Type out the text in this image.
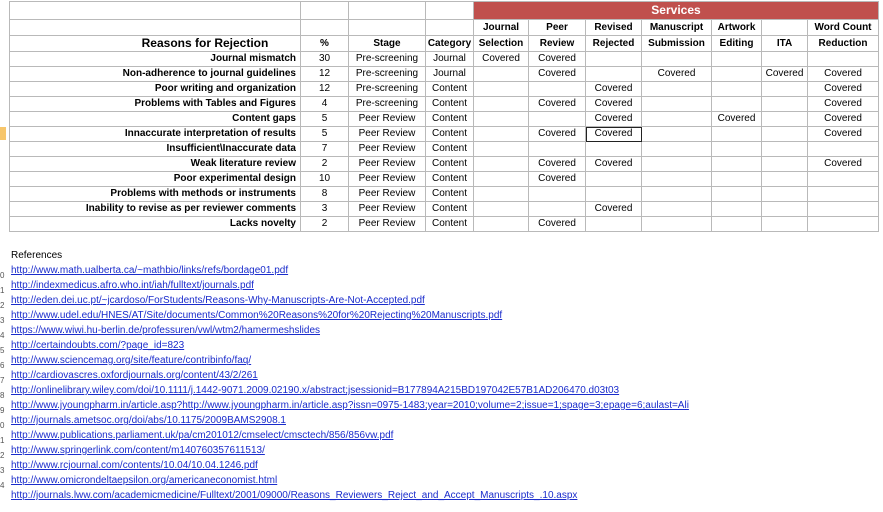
0
1
2
3
4
5
6
7
8
9
0
1
2
3
4
				Services						
				Journal	Peer	Revised	Manuscript	Artwork		Word Count
Reasons for Rejection	%	Stage	Category	Selection	Review	Rejected	Submission	Editing	ITA	Reduction
Journal mismatch	30	Pre-screening	Journal	Covered	Covered					
Non-adherence to journal guidelines	12	Pre-screening	Journal		Covered		Covered		Covered	Covered
Poor writing and organization	12	Pre-screening	Content			Covered				Covered
Problems with Tables and Figures	4	Pre-screening	Content		Covered	Covered				Covered
Content gaps	5	Peer Review	Content			Covered		Covered		Covered
Innaccurate interpretation of results	5	Peer Review	Content		Covered	Covered				Covered
Insufficient\Inaccurate data	7	Peer Review	Content							
Weak literature review	2	Peer Review	Content		Covered	Covered				Covered
Poor experimental design	10	Peer Review	Content		Covered					
Problems with methods or instruments	8	Peer Review	Content							
Inability to revise as per reviewer comments	3	Peer Review	Content			Covered				
Lacks novelty	2	Peer Review	Content		Covered					
References
http://www.math.ualberta.ca/~mathbio/links/refs/bordage01.pdf
http://indexmedicus.afro.who.int/iah/fulltext/journals.pdf
http://eden.dei.uc.pt/~jcardoso/ForStudents/Reasons-Why-Manuscripts-Are-Not-Accepted.pdf
http://www.udel.edu/HNES/AT/Site/documents/Common%20Reasons%20for%20Rejecting%20Manuscripts.pdf
https://www.wiwi.hu-berlin.de/professuren/vwl/wtm2/hamermeshslides
http://certaindoubts.com/?page_id=823
http://www.sciencemag.org/site/feature/contribinfo/faq/
http://cardiovascres.oxfordjournals.org/content/43/2/261
http://onlinelibrary.wiley.com/doi/10.1111/j.1442-9071.2009.02190.x/abstract;jsessionid=B177894A215BD197042E57B1AD206470.d03t03
http://www.jyoungpharm.in/article.asp?http://www.jyoungpharm.in/article.asp?issn=0975-1483;year=2010;volume=2;issue=1;spage=3;epage=6;aulast=Ali
http://journals.ametsoc.org/doi/abs/10.1175/2009BAMS2908.1
http://www.publications.parliament.uk/pa/cm201012/cmselect/cmsctech/856/856vw.pdf
http://www.springerlink.com/content/m140760357611513/
http://www.rcjournal.com/contents/10.04/10.04.1246.pdf
http://www.omicrondeltaepsilon.org/americaneconomist.html
http://journals.lww.com/academicmedicine/Fulltext/2001/09000/Reasons_Reviewers_Reject_and_Accept_Manuscripts_.10.aspx
